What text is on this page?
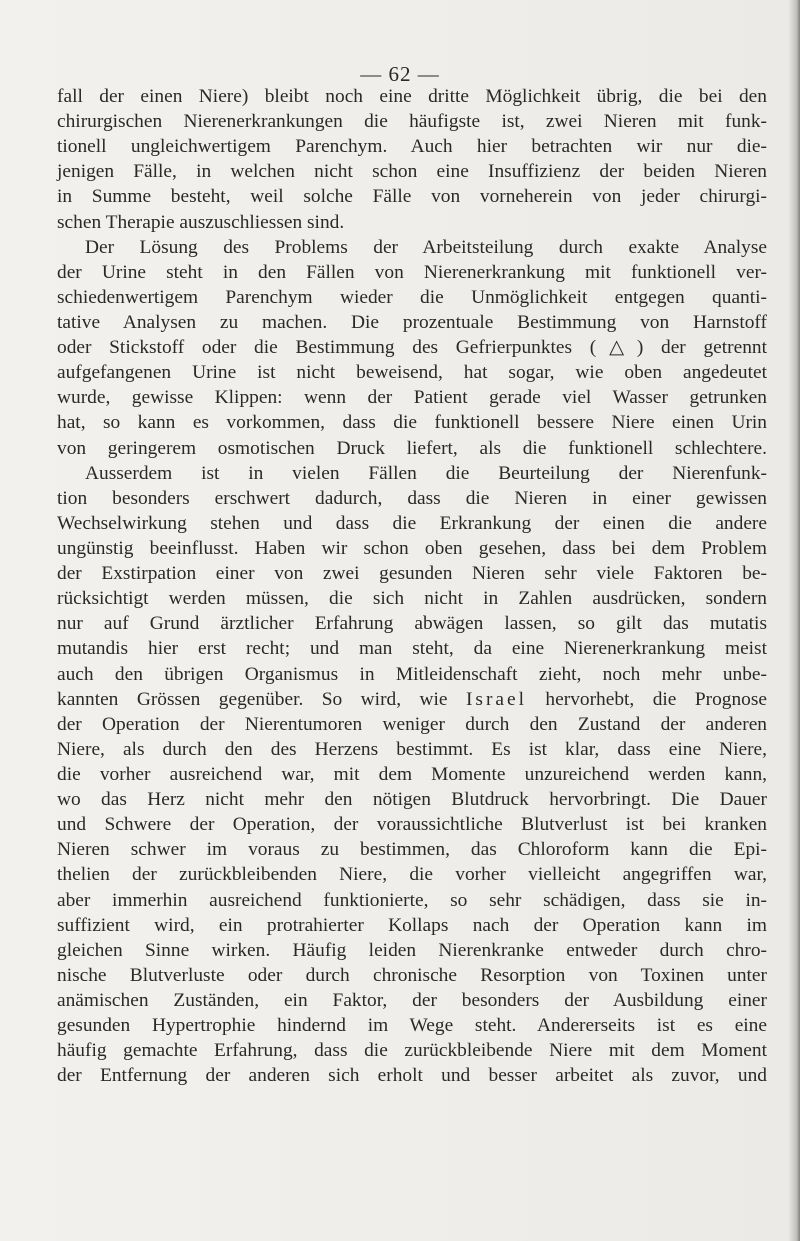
— 62 —
fall der einen Niere) bleibt noch eine dritte Möglichkeit übrig, die bei den
chirurgischen Nierenerkrankungen die häufigste ist, zwei Nieren mit funk-
tionell ungleichwertigem Parenchym. Auch hier betrachten wir nur die-
jenigen Fälle, in welchen nicht schon eine Insuffizienz der beiden Nieren
in Summe besteht, weil solche Fälle von vorneherein von jeder chirurgi-
schen Therapie auszuschliessen sind.
Der Lösung des Problems der Arbeitsteilung durch exakte Analyse
der Urine steht in den Fällen von Nierenerkrankung mit funktionell ver-
schiedenwertigem Parenchym wieder die Unmöglichkeit entgegen quanti-
tative Analysen zu machen. Die prozentuale Bestimmung von Harnstoff
oder Stickstoff oder die Bestimmung des Gefrierpunktes (△) der getrennt
aufgefangenen Urine ist nicht beweisend, hat sogar, wie oben angedeutet
wurde, gewisse Klippen: wenn der Patient gerade viel Wasser getrunken
hat, so kann es vorkommen, dass die funktionell bessere Niere einen Urin
von geringerem osmotischen Druck liefert, als die funktionell schlechtere.
Ausserdem ist in vielen Fällen die Beurteilung der Nierenfunk-
tion besonders erschwert dadurch, dass die Nieren in einer gewissen
Wechselwirkung stehen und dass die Erkrankung der einen die andere
ungünstig beeinflusst. Haben wir schon oben gesehen, dass bei dem Problem
der Exstirpation einer von zwei gesunden Nieren sehr viele Faktoren be-
rücksichtigt werden müssen, die sich nicht in Zahlen ausdrücken, sondern
nur auf Grund ärztlicher Erfahrung abwägen lassen, so gilt das mutatis
mutandis hier erst recht; und man steht, da eine Nierenerkrankung meist
auch den übrigen Organismus in Mitleidenschaft zieht, noch mehr unbe-
kannten Grössen gegenüber. So wird, wie Israel hervorhebt, die Prognose
der Operation der Nierentumoren weniger durch den Zustand der anderen
Niere, als durch den des Herzens bestimmt. Es ist klar, dass eine Niere,
die vorher ausreichend war, mit dem Momente unzureichend werden kann,
wo das Herz nicht mehr den nötigen Blutdruck hervorbringt. Die Dauer
und Schwere der Operation, der voraussichtliche Blutverlust ist bei kranken
Nieren schwer im voraus zu bestimmen, das Chloroform kann die Epi-
thelien der zurückbleibenden Niere, die vorher vielleicht angegriffen war,
aber immerhin ausreichend funktionierte, so sehr schädigen, dass sie in-
suffizient wird, ein protrahierter Kollaps nach der Operation kann im
gleichen Sinne wirken. Häufig leiden Nierenkranke entweder durch chro-
nische Blutverluste oder durch chronische Resorption von Toxinen unter
anämischen Zuständen, ein Faktor, der besonders der Ausbildung einer
gesunden Hypertrophie hindernd im Wege steht. Andererseits ist es eine
häufig gemachte Erfahrung, dass die zurückbleibende Niere mit dem Moment
der Entfernung der anderen sich erholt und besser arbeitet als zuvor, und
